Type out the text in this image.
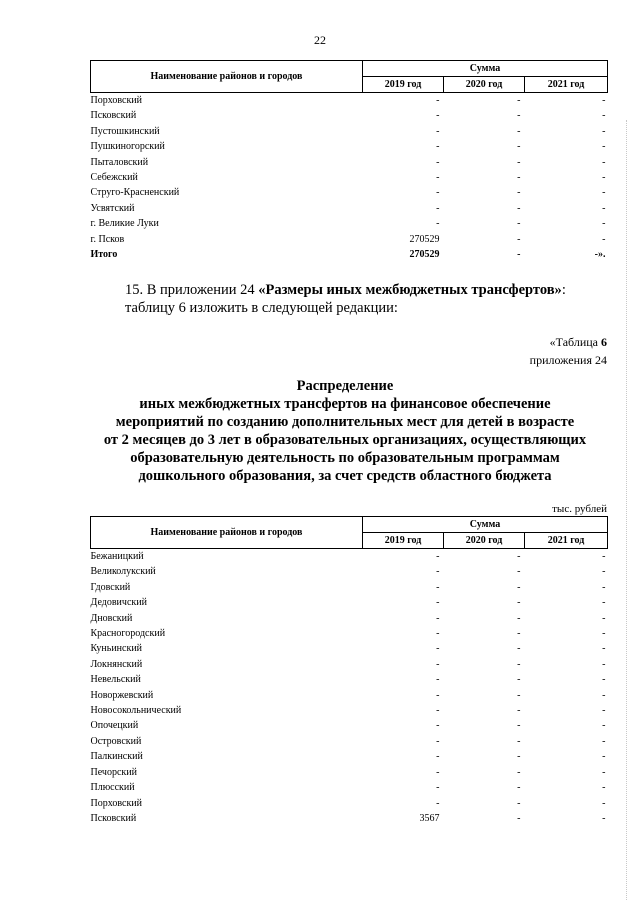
22
Наименование районов и городов	Сумма		
	2019 год	2020 год	2021 год
Порховский	-	-	-
Псковский	-	-	-
Пустошкинский	-	-	-
Пушкиногорский	-	-	-
Пыталовский	-	-	-
Себежский	-	-	-
Струго-Красненский	-	-	-
Усвятский	-	-	-
г. Великие Луки	-	-	-
г. Псков	270529	-	-
Итого	270529	-	-».
15. В приложении 24 «Размеры иных межбюджетных трансфертов»:
таблицу 6 изложить в следующей редакции:
«Таблица 6
приложения 24
Распределение
иных межбюджетных трансфертов на финансовое обеспечение
мероприятий по созданию дополнительных мест для детей в возрасте
от 2 месяцев до 3 лет в образовательных организациях, осуществляющих
образовательную деятельность по образовательным программам
дошкольного образования, за счет средств областного бюджета
тыс. рублей
Наименование районов и городов	Сумма		
	2019 год	2020 год	2021 год
Бежаницкий	-	-	-
Великолукский	-	-	-
Гдовский	-	-	-
Дедовичский	-	-	-
Дновский	-	-	-
Красногородский	-	-	-
Куньинский	-	-	-
Локнянский	-	-	-
Невельский	-	-	-
Новоржевский	-	-	-
Новосокольнический	-	-	-
Опочецкий	-	-	-
Островский	-	-	-
Палкинский	-	-	-
Печорский	-	-	-
Плюсский	-	-	-
Порховский	-	-	-
Псковский	3567	-	-
